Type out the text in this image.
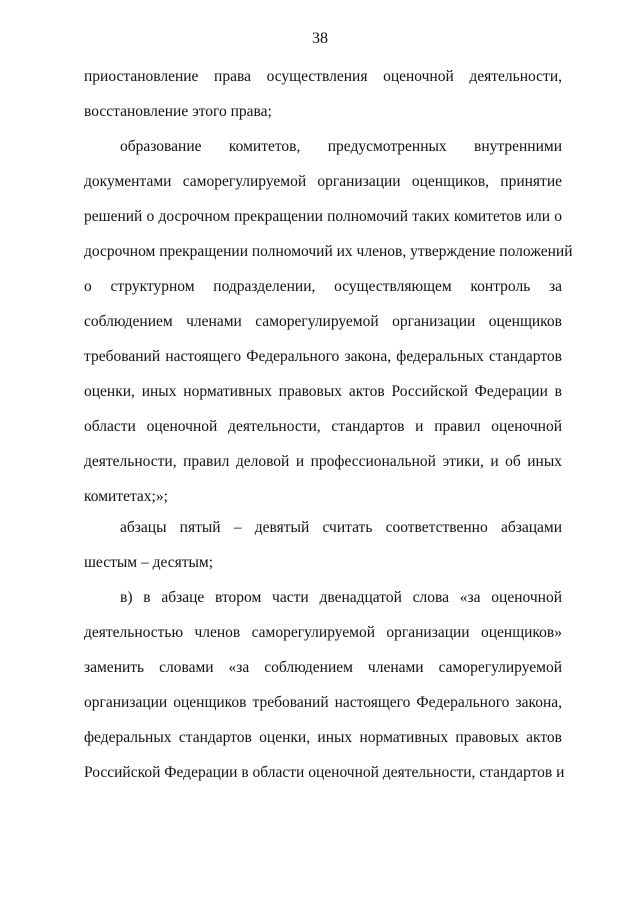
38
приостановление права осуществления оценочной деятельности,
восстановление этого права;
образование комитетов, предусмотренных внутренними
документами саморегулируемой организации оценщиков, принятие
решений о досрочном прекращении полномочий таких комитетов или о
досрочном прекращении полномочий их членов, утверждение положений
о структурном подразделении, осуществляющем контроль за
соблюдением членами саморегулируемой организации оценщиков
требований настоящего Федерального закона, федеральных стандартов
оценки, иных нормативных правовых актов Российской Федерации в
области оценочной деятельности, стандартов и правил оценочной
деятельности, правил деловой и профессиональной этики, и об иных
комитетах;»;
абзацы пятый – девятый считать соответственно абзацами
шестым – десятым;
в) в абзаце втором части двенадцатой слова «за оценочной
деятельностью членов саморегулируемой организации оценщиков»
заменить словами «за соблюдением членами саморегулируемой
организации оценщиков требований настоящего Федерального закона,
федеральных стандартов оценки, иных нормативных правовых актов
Российской Федерации в области оценочной деятельности, стандартов и
